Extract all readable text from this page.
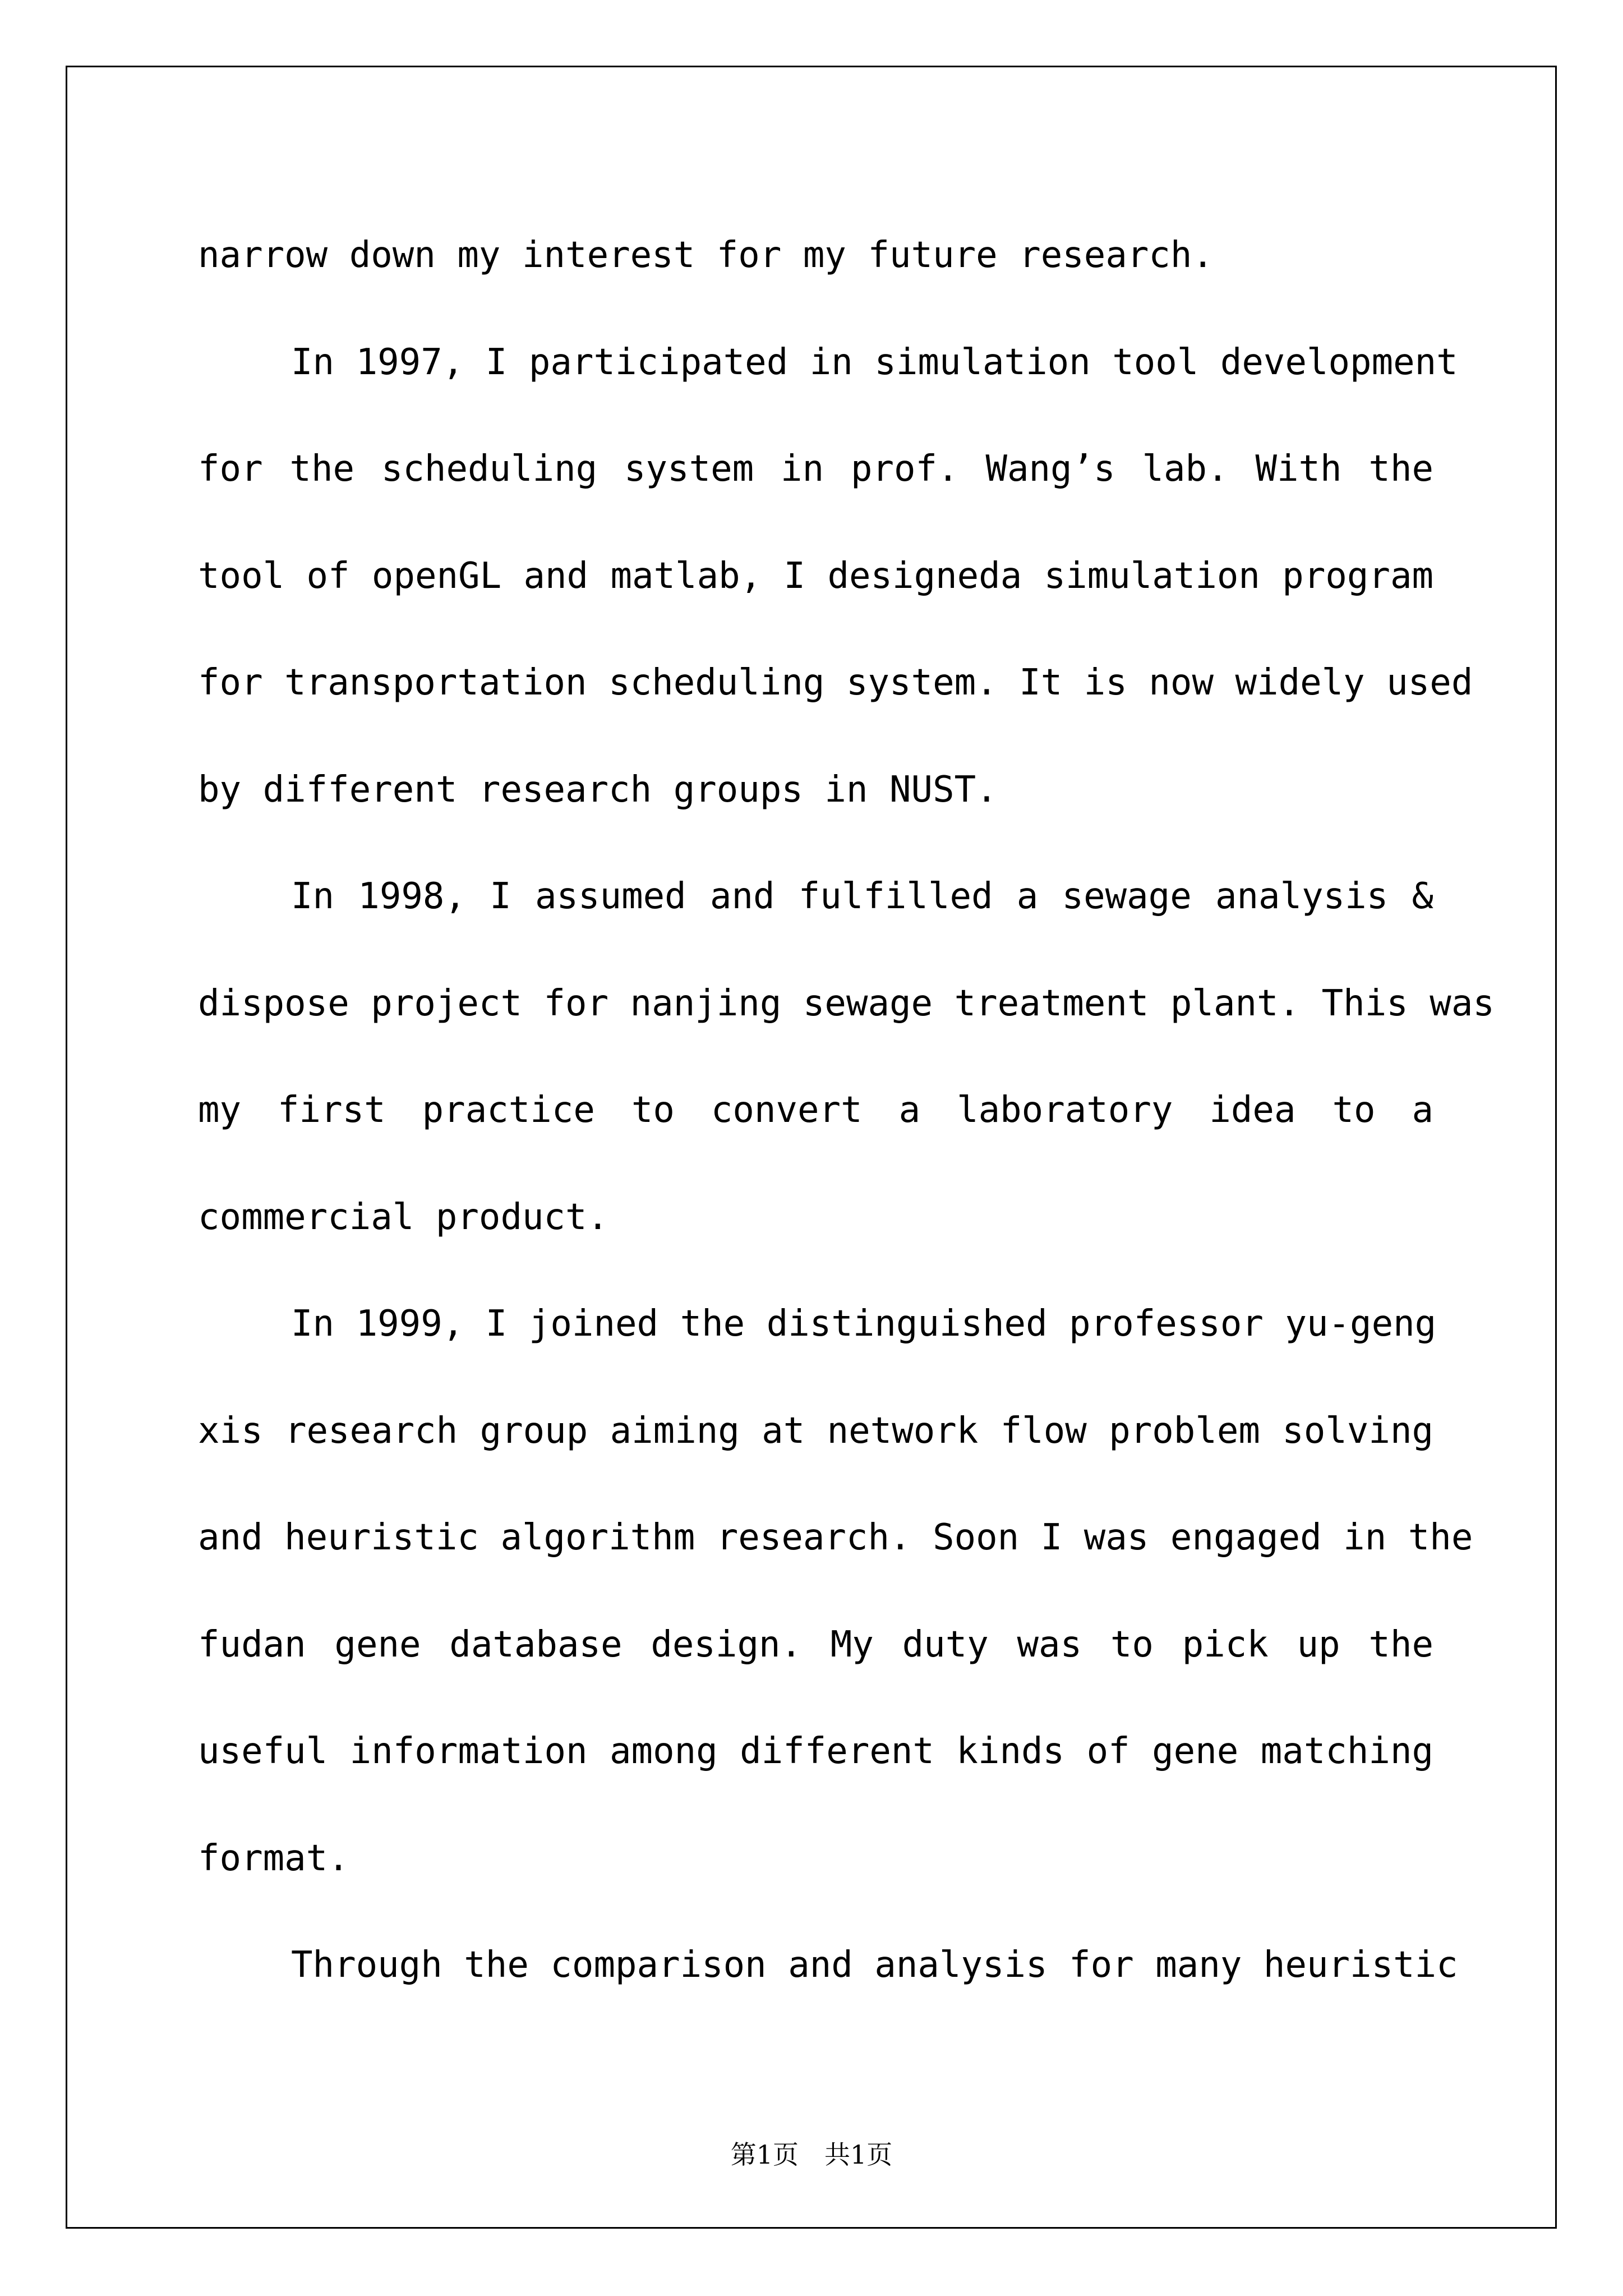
narrow down my interest for my future research.
In 1997, I participated in simulation tool development
for the scheduling system in prof. Wang’s lab. With the
tool of openGL and matlab, I designeda simulation program
for transportation scheduling system. It is now widely used
by different research groups in NUST.
In 1998, I assumed and fulfilled a sewage analysis &
dispose project for nanjing sewage treatment plant. This was
my first practice to convert a laboratory idea to a
commercial product.
In 1999, I joined the distinguished professor yu-geng
xis research group aiming at network flow problem solving
and heuristic algorithm research. Soon I was engaged in the
fudan gene database design. My duty was to pick up the
useful information among different kinds of gene matching
format.
Through the comparison and analysis for many heuristic
第1页　共1页
